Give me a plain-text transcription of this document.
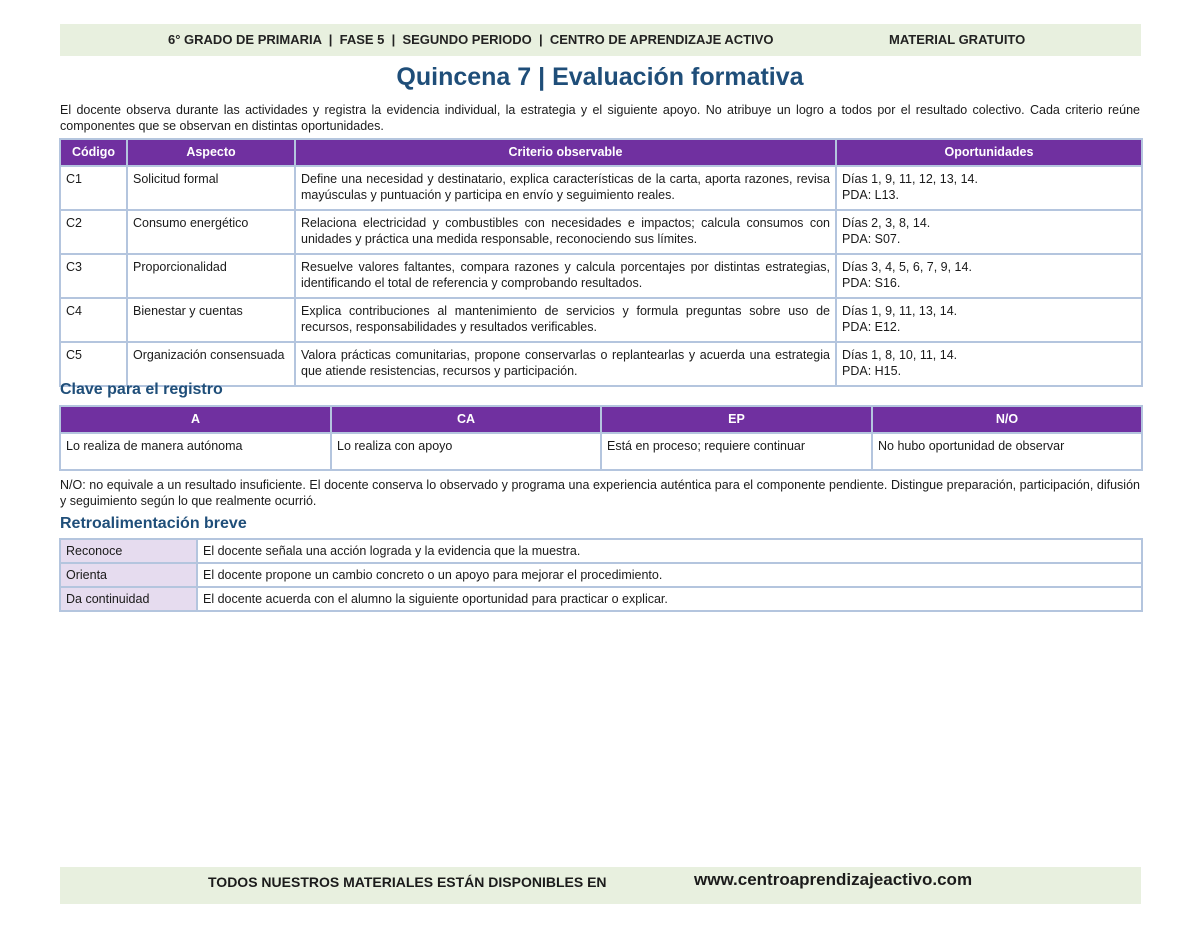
6° GRADO DE PRIMARIA  |  FASE 5  |  SEGUNDO PERIODO  |  CENTRO DE APRENDIZAJE ACTIVO	MATERIAL GRATUITO
Quincena 7 | Evaluación formativa

El docente observa durante las actividades y registra la evidencia individual, la estrategia y el siguiente apoyo. No atribuye un logro a todos por el resultado colectivo. Cada criterio reúne componentes que se observan en distintas oportunidades.

Código	Aspecto	Criterio observable	Oportunidades
C1	Solicitud formal	Define una necesidad y destinatario, explica características de la carta, aporta razones, revisa mayúsculas y puntuación y participa en envío y seguimiento reales.	Días 1, 9, 11, 12, 13, 14.
PDA: L13.

C2	Consumo energético	Relaciona electricidad y combustibles con necesidades e impactos; calcula consumos con unidades y práctica una medida responsable, reconociendo sus límites.	Días 2, 3, 8, 14.
PDA: S07.

C3	Proporcionalidad	Resuelve valores faltantes, compara razones y calcula porcentajes por distintas estrategias, identificando el total de referencia y comprobando resultados.	Días 3, 4, 5, 6, 7, 9, 14.
PDA: S16.

C4	Bienestar y cuentas	Explica contribuciones al mantenimiento de servicios y formula preguntas sobre uso de recursos, responsabilidades y resultados verificables.	Días 1, 9, 11, 13, 14.
PDA: E12.

C5	Organización consensuada	Valora prácticas comunitarias, propone conservarlas o replantearlas y acuerda una estrategia que atiende resistencias, recursos y participación.	Días 1, 8, 10, 11, 14.
PDA: H15.
Clave para el registro
A	CA	EP	N/O
Lo realiza de manera autónoma	Lo realiza con apoyo	Está en proceso; requiere continuar	No hubo oportunidad de observar

N/O: no equivale a un resultado insuficiente. El docente conserva lo observado y programa una experiencia auténtica para el componente pendiente. Distingue preparación, participación, difusión y seguimiento según lo que realmente ocurrió.

Retroalimentación breve
Reconoce	El docente señala una acción lograda y la evidencia que la muestra.
Orienta	El docente propone un cambio concreto o un apoyo para mejorar el procedimiento.
Da continuidad	El docente acuerda con el alumno la siguiente oportunidad para practicar o explicar.
TODOS NUESTROS MATERIALES ESTÁN DISPONIBLES EN	www.centroaprendizajeactivo.com
